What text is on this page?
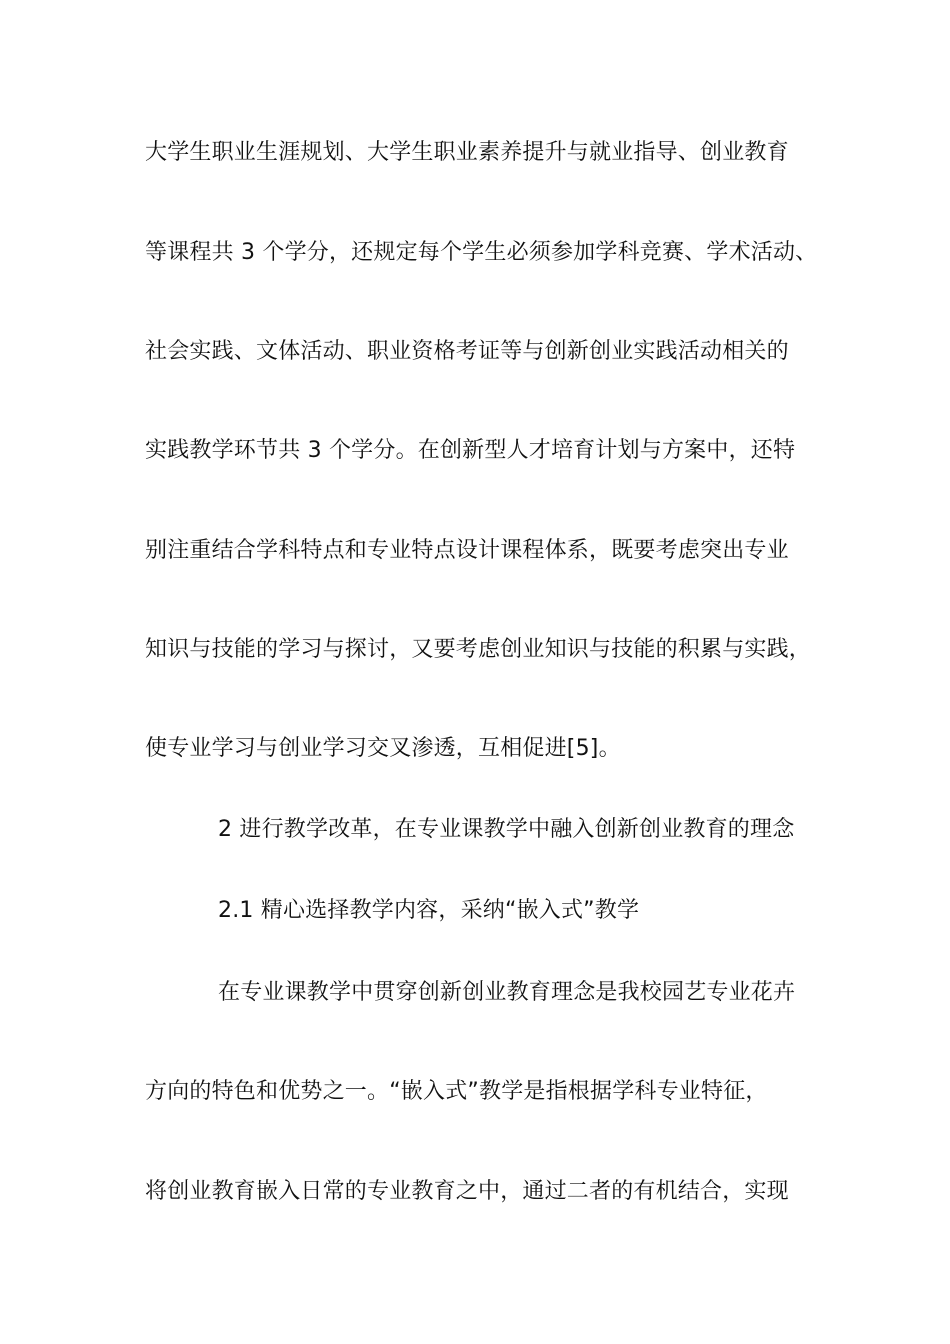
大学生职业生涯规划、大学生职业素养提升与就业指导、创业教育
等课程共 3 个学分，还规定每个学生必须参加学科竞赛、学术活动、
社会实践、文体活动、职业资格考证等与创新创业实践活动相关的
实践教学环节共 3 个学分。在创新型人才培育计划与方案中，还特
别注重结合学科特点和专业特点设计课程体系，既要考虑突出专业
知识与技能的学习与探讨，又要考虑创业知识与技能的积累与实践，
使专业学习与创业学习交叉渗透，互相促进[5]。
2 进行教学改革，在专业课教学中融入创新创业教育的理念
2.1 精心选择教学内容，采纳“嵌入式”教学
在专业课教学中贯穿创新创业教育理念是我校园艺专业花卉
方向的特色和优势之一。“嵌入式”教学是指根据学科专业特征，
将创业教育嵌入日常的专业教育之中，通过二者的有机结合，实现
